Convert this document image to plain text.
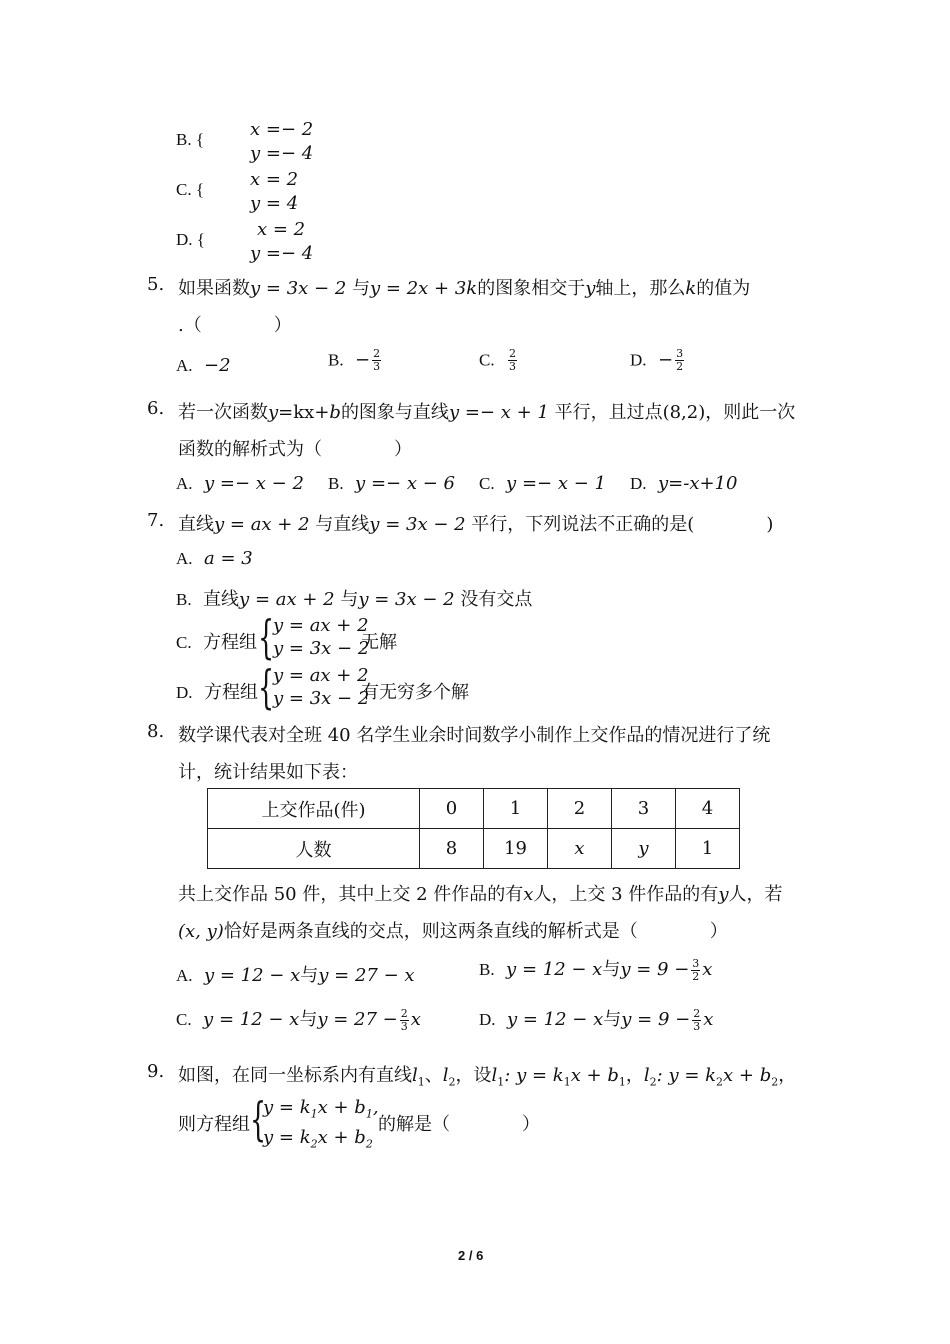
B. {	x =− 2
y =− 4
C. {	x = 2
y = 4
D. {	x = 2
y =− 4
5. 如果函数y = 3x − 2 与y = 2x + 3k的图象相交于y轴上，那么k的值为
.（　　　　）
A. −2	B. − $\frac{2}{3}$	C. $\frac{2}{3}$	D. − $\frac{3}{2}$
6. 若一次函数y=kx+b的图象与直线y =− x + 1 平行，且过点(8,2)，则此一次
函数的解析式为（　　　　）
A. y =− x − 2 B. y =− x − 6 C. y =− x − 1 D. y=-x+10
7. 直线y = ax + 2 与直线y = 3x − 2 平行，下列说法不正确的是(　　　　)
A. a = 3
B. 直线y = ax + 2 与y = 3x − 2 没有交点
C. 方程组 {
y = ax + 2
y = 3x − 2
无解
D. 方程组 {
y = ax + 2
y = 3x − 2
有无穷多个解
8. 数学课代表对全班 40 名学生业余时间数学小制作上交作品的情况进行了统
计，统计结果如下表：
上交作品(件)	0	1	2	3	4
人数	8	19	x	y	1
共上交作品 50 件，其中上交 2 件作品的有x人，上交 3 件作品的有y人，若
(x, y)恰好是两条直线的交点，则这两条直线的解析式是（　　　　）
A. y = 12 − x与y = 27 − x	B. y = 12 − x与$y = 9 - \frac{3}{2}$ x
C. y = 12 − x与$y = 27 - \frac{2}{3}$ x	D. y = 12 − x与$y = 9 - \frac{2}{3}$ x
9. 如图，在同一坐标系内有直线$l_1$、$l_2$，设$l_1$: $y = k_1x + b_1$，$l_2$: $y = k_2x + b_2$，
则方程组 {
$y = k_1x + b_1$,
$y = k_2x + b_2$
的解是（　　　　）
2 / 6
